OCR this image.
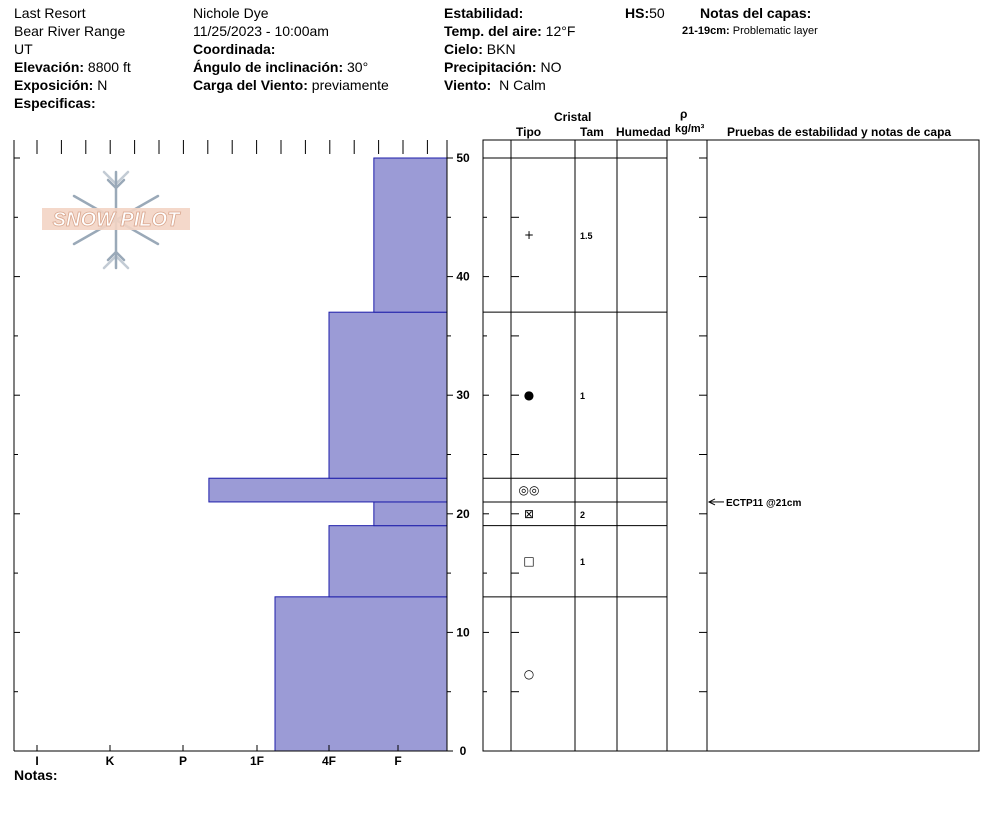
Last Resort
Bear River Range
UT
Elevación: 8800 ft
Exposición: N
Especificas:
Nichole Dye
11/25/2023 - 10:00am
Coordinada:
Ángulo de inclinación: 30°
Carga del Viento: previamente
Estabilidad:
Temp. del aire: 12°F
Cielo: BKN
Precipitación: NO
Viento: N Calm
HS:50	Notas del capas:
21-19cm: Problematic layer
Cristal
Tipo	Tam Humedad
ρ
kg/m³ Pruebas de estabilidad y notas de capa
Notas:
SNOW PILOT
0
10
20
30
40
50
I	K	P	1F	4F	F
+	1.5
●	1
◎◎
⊠	2
□	1
○
ECTP11 @21cm
